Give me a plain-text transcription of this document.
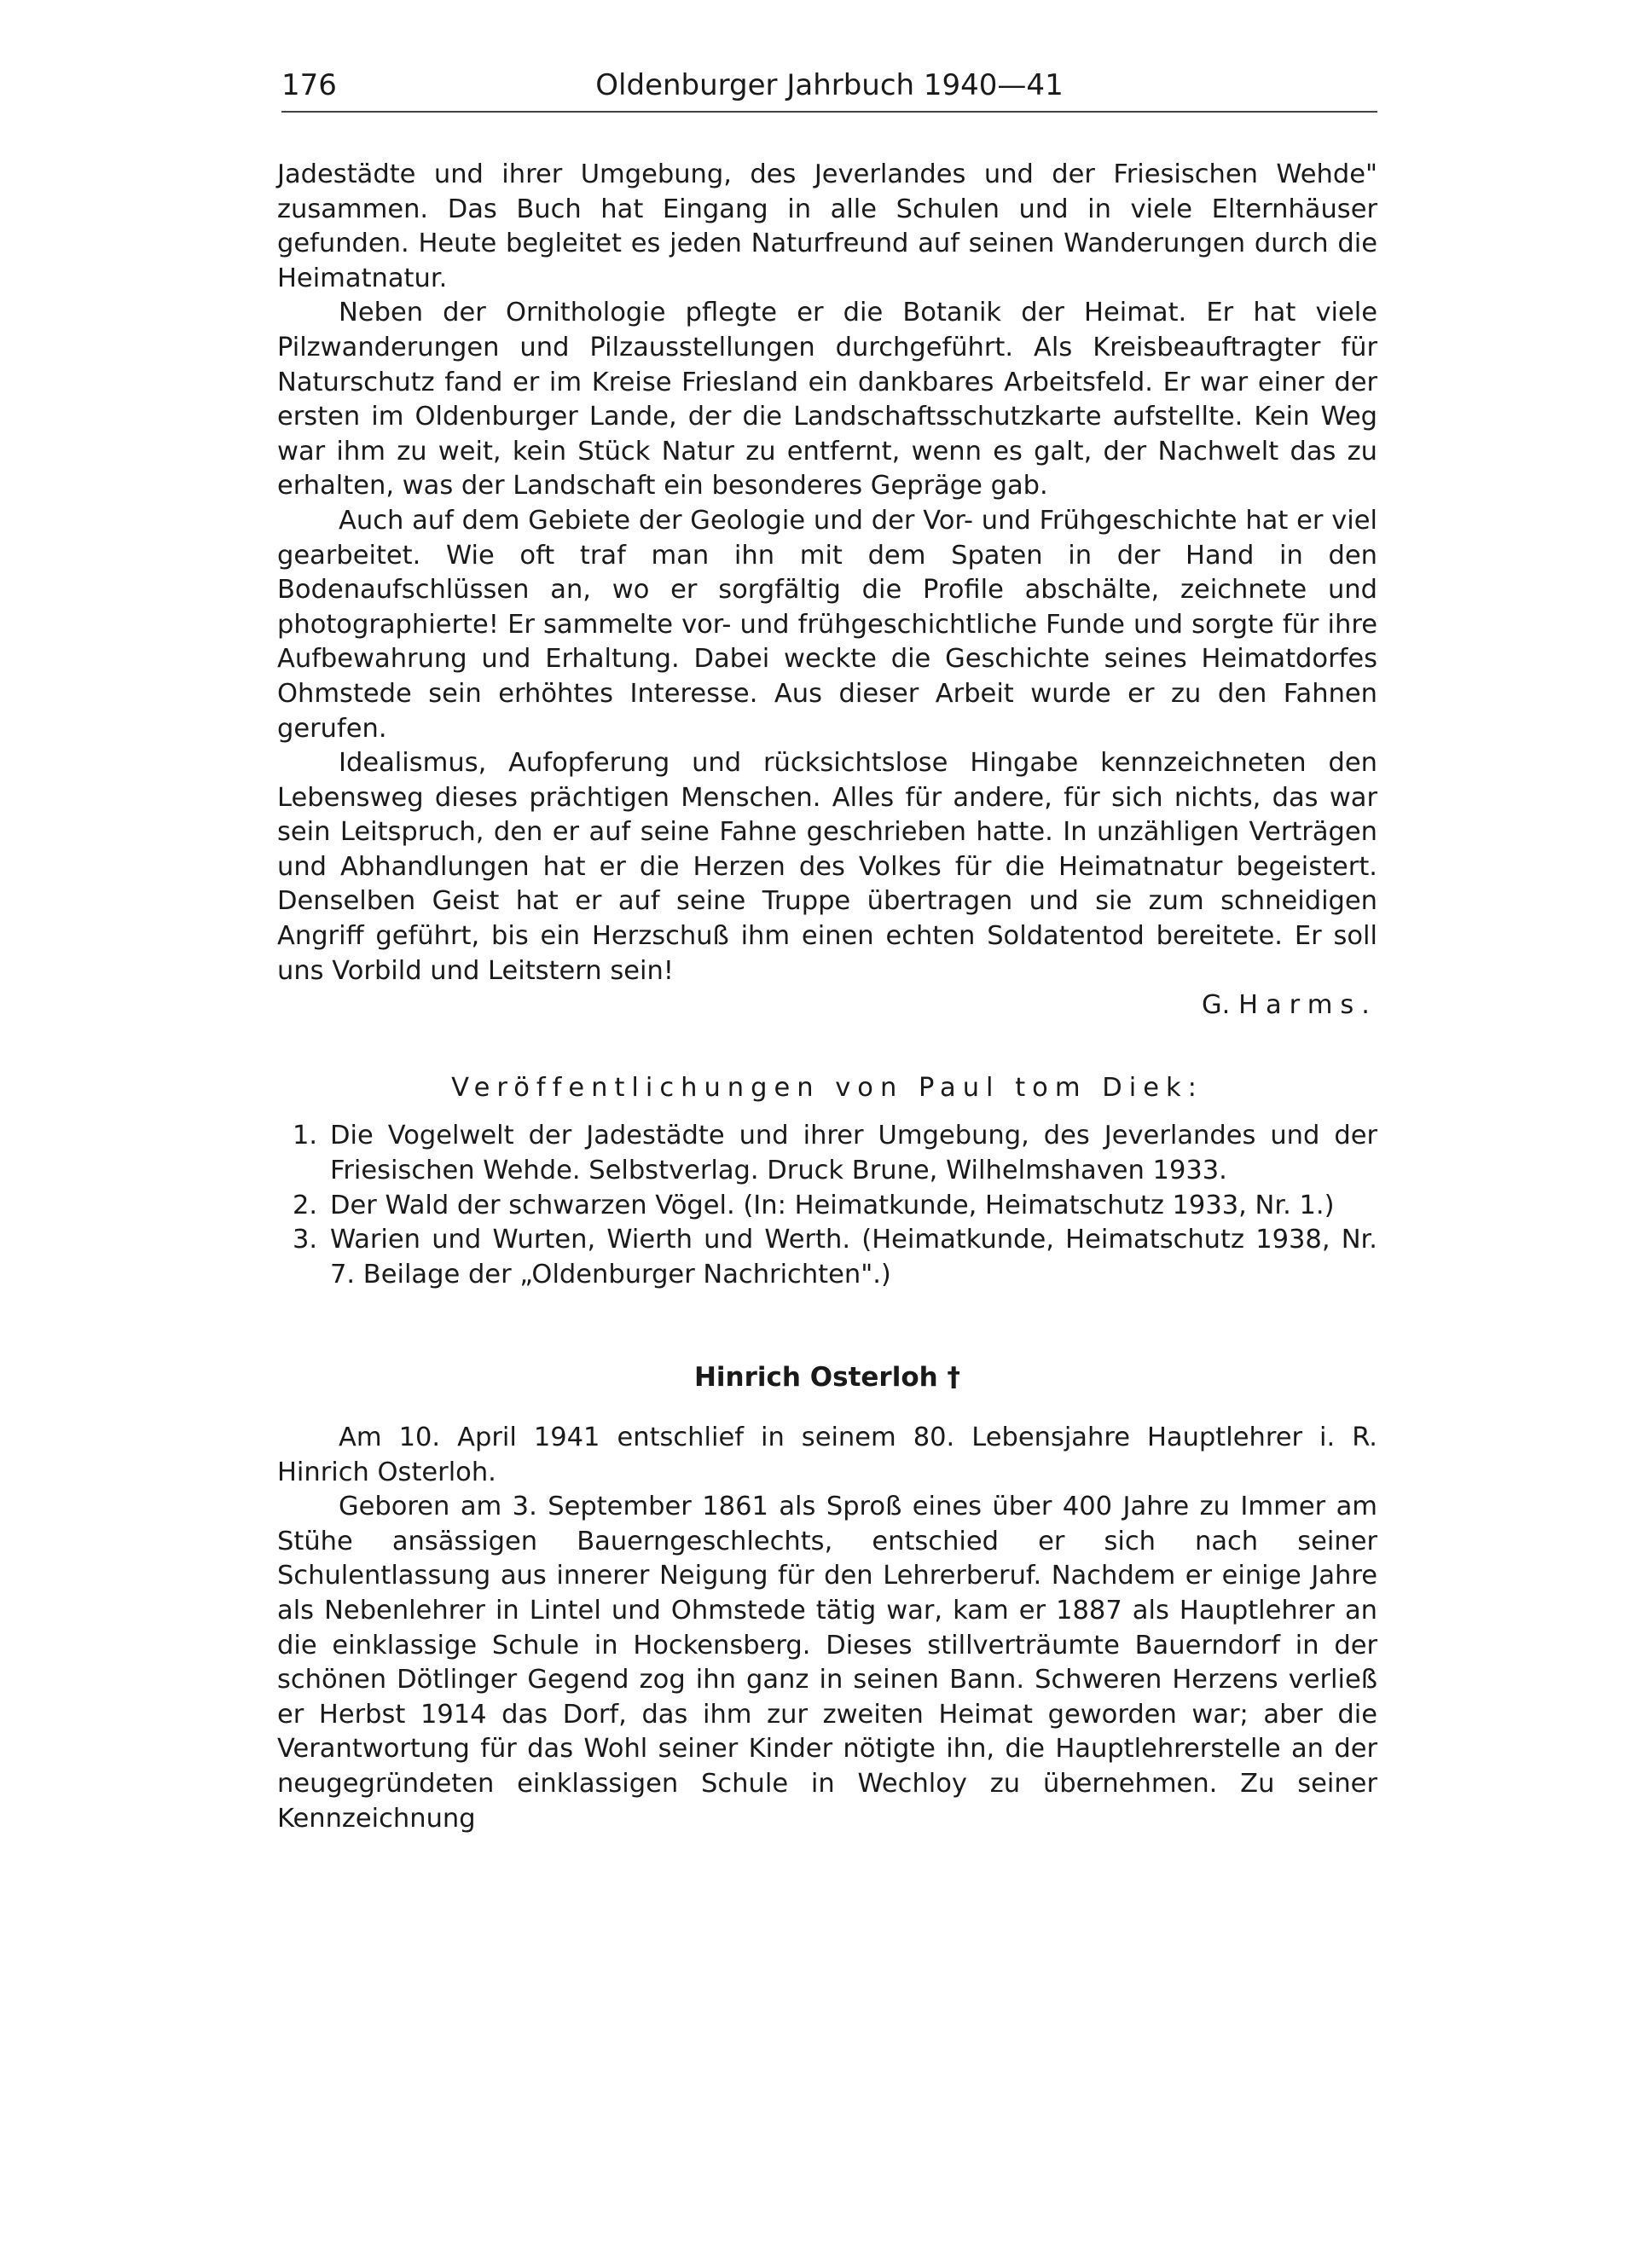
176	Oldenburger Jahrbuch 1940—41

Jadestädte und ihrer Umgebung, des Jeverlandes und der Friesischen Wehde" zusammen. Das Buch hat Eingang in alle Schulen und in viele Elternhäuser gefunden. Heute begleitet es jeden Naturfreund auf seinen Wanderungen durch die Heimatnatur.

Neben der Ornithologie pflegte er die Botanik der Heimat. Er hat viele Pilzwanderungen und Pilzausstellungen durchgeführt. Als Kreisbeauftragter für Naturschutz fand er im Kreise Friesland ein dankbares Arbeitsfeld. Er war einer der ersten im Oldenburger Lande, der die Landschaftsschutzkarte aufstellte. Kein Weg war ihm zu weit, kein Stück Natur zu entfernt, wenn es galt, der Nachwelt das zu erhalten, was der Landschaft ein besonderes Gepräge gab.

Auch auf dem Gebiete der Geologie und der Vor- und Frühgeschichte hat er viel gearbeitet. Wie oft traf man ihn mit dem Spaten in der Hand in den Bodenaufschlüssen an, wo er sorgfältig die Profile abschälte, zeichnete und photographierte! Er sammelte vor- und frühgeschichtliche Funde und sorgte für ihre Aufbewahrung und Erhaltung. Dabei weckte die Geschichte seines Heimatdorfes Ohmstede sein erhöhtes Interesse. Aus dieser Arbeit wurde er zu den Fahnen gerufen.

Idealismus, Aufopferung und rücksichtslose Hingabe kennzeichneten den Lebensweg dieses prächtigen Menschen. Alles für andere, für sich nichts, das war sein Leitspruch, den er auf seine Fahne geschrieben hatte. In unzähligen Verträgen und Abhandlungen hat er die Herzen des Volkes für die Heimatnatur begeistert. Denselben Geist hat er auf seine Truppe übertragen und sie zum schneidigen Angriff geführt, bis ein Herzschuß ihm einen echten Soldatentod bereitete. Er soll uns Vorbild und Leitstern sein!

G. Harms.

Veröffentlichungen von Paul tom Diek:
1. Die Vogelwelt der Jadestädte und ihrer Umgebung, des Jeverlandes und der Friesischen Wehde. Selbstverlag. Druck Brune, Wilhelmshaven 1933.
2. Der Wald der schwarzen Vögel. (In: Heimatkunde, Heimatschutz 1933, Nr. 1.)
3. Warien und Wurten, Wierth und Werth. (Heimatkunde, Heimatschutz 1938, Nr. 7. Beilage der „Oldenburger Nachrichten".)
Hinrich Osterloh †

Am 10. April 1941 entschlief in seinem 80. Lebensjahre Hauptlehrer i. R. Hinrich Osterloh.

Geboren am 3. September 1861 als Sproß eines über 400 Jahre zu Immer am Stühe ansässigen Bauerngeschlechts, entschied er sich nach seiner Schulentlassung aus innerer Neigung für den Lehrerberuf. Nachdem er einige Jahre als Nebenlehrer in Lintel und Ohmstede tätig war, kam er 1887 als Hauptlehrer an die einklassige Schule in Hockensberg. Dieses stillverträumte Bauerndorf in der schönen Dötlinger Gegend zog ihn ganz in seinen Bann. Schweren Herzens verließ er Herbst 1914 das Dorf, das ihm zur zweiten Heimat geworden war; aber die Verantwortung für das Wohl seiner Kinder nötigte ihn, die Hauptlehrerstelle an der neugegründeten einklassigen Schule in Wechloy zu übernehmen. Zu seiner Kennzeichnung
